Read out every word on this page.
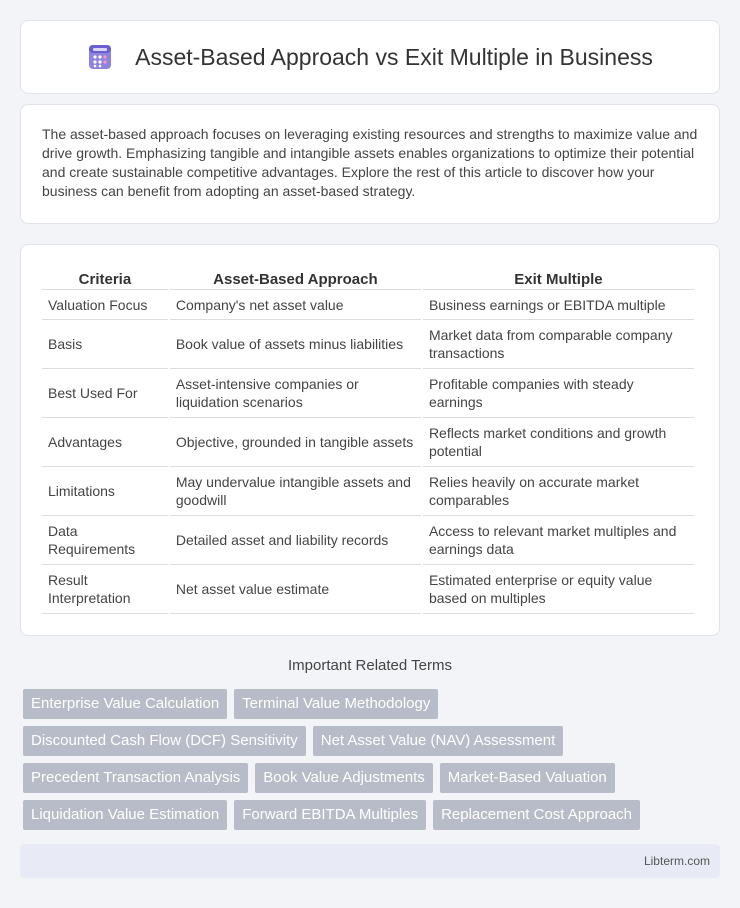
Asset-Based Approach vs Exit Multiple in Business

The asset-based approach focuses on leveraging existing resources and strengths to maximize value and drive growth. Emphasizing tangible and intangible assets enables organizations to optimize their potential and create sustainable competitive advantages. Explore the rest of this article to discover how your business can benefit from adopting an asset-based strategy.

Criteria	Asset-Based Approach	Exit Multiple
Valuation Focus	Company's net asset value	Business earnings or EBITDA multiple
Basis	Book value of assets minus liabilities	Market data from comparable company transactions
Best Used For	Asset-intensive companies or liquidation scenarios	Profitable companies with steady earnings
Advantages	Objective, grounded in tangible assets	Reflects market conditions and growth potential
Limitations	May undervalue intangible assets and goodwill	Relies heavily on accurate market comparables
Data Requirements	Detailed asset and liability records	Access to relevant market multiples and earnings data
Result Interpretation	Net asset value estimate	Estimated enterprise or equity value based on multiples
Important Related Terms
Enterprise Value Calculation	Terminal Value Methodology
Discounted Cash Flow (DCF) Sensitivity	Net Asset Value (NAV) Assessment
Precedent Transaction Analysis	Book Value Adjustments	Market-Based Valuation
Liquidation Value Estimation	Forward EBITDA Multiples	Replacement Cost Approach
Libterm.com
